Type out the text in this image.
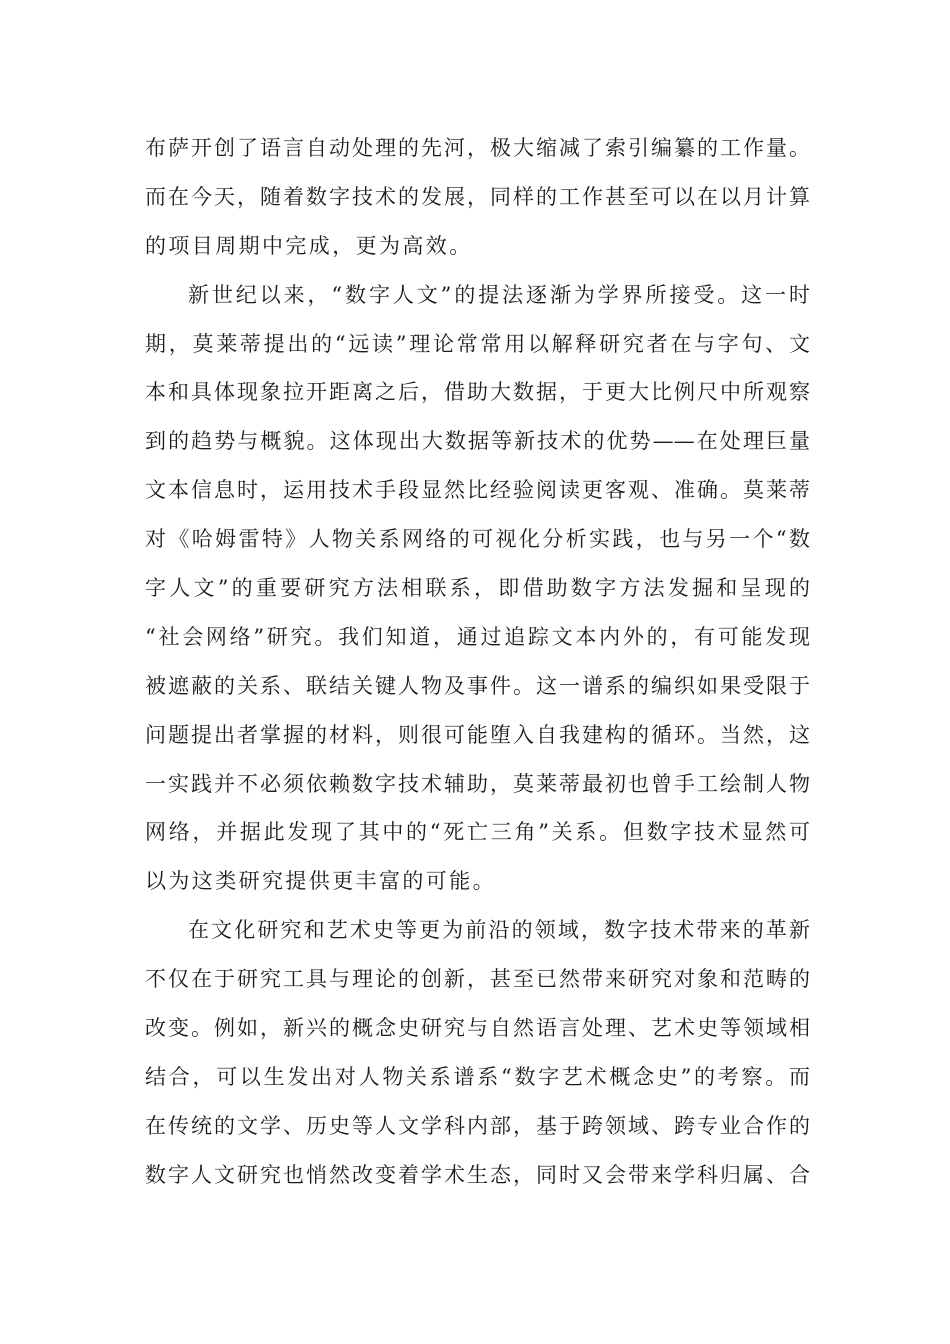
布萨开创了语言自动处理的先河，极大缩减了索引编纂的工作量。
而在今天，随着数字技术的发展，同样的工作甚至可以在以月计算
的项目周期中完成，更为高效。
新世纪以来，“数字人文”的提法逐渐为学界所接受。这一时
期，莫莱蒂提出的“远读”理论常常用以解释研究者在与字句、文
本和具体现象拉开距离之后，借助大数据，于更大比例尺中所观察
到的趋势与概貌。这体现出大数据等新技术的优势——在处理巨量
文本信息时，运用技术手段显然比经验阅读更客观、准确。莫莱蒂
对《哈姆雷特》人物关系网络的可视化分析实践，也与另一个“数
字人文”的重要研究方法相联系，即借助数字方法发掘和呈现的
“社会网络”研究。我们知道，通过追踪文本内外的，有可能发现
被遮蔽的关系、联结关键人物及事件。这一谱系的编织如果受限于
问题提出者掌握的材料，则很可能堕入自我建构的循环。当然，这
一实践并不必须依赖数字技术辅助，莫莱蒂最初也曾手工绘制人物
网络，并据此发现了其中的“死亡三角”关系。但数字技术显然可
以为这类研究提供更丰富的可能。
在文化研究和艺术史等更为前沿的领域，数字技术带来的革新
不仅在于研究工具与理论的创新，甚至已然带来研究对象和范畴的
改变。例如，新兴的概念史研究与自然语言处理、艺术史等领域相
结合，可以生发出对人物关系谱系“数字艺术概念史”的考察。而
在传统的文学、历史等人文学科内部，基于跨领域、跨专业合作的
数字人文研究也悄然改变着学术生态，同时又会带来学科归属、合
